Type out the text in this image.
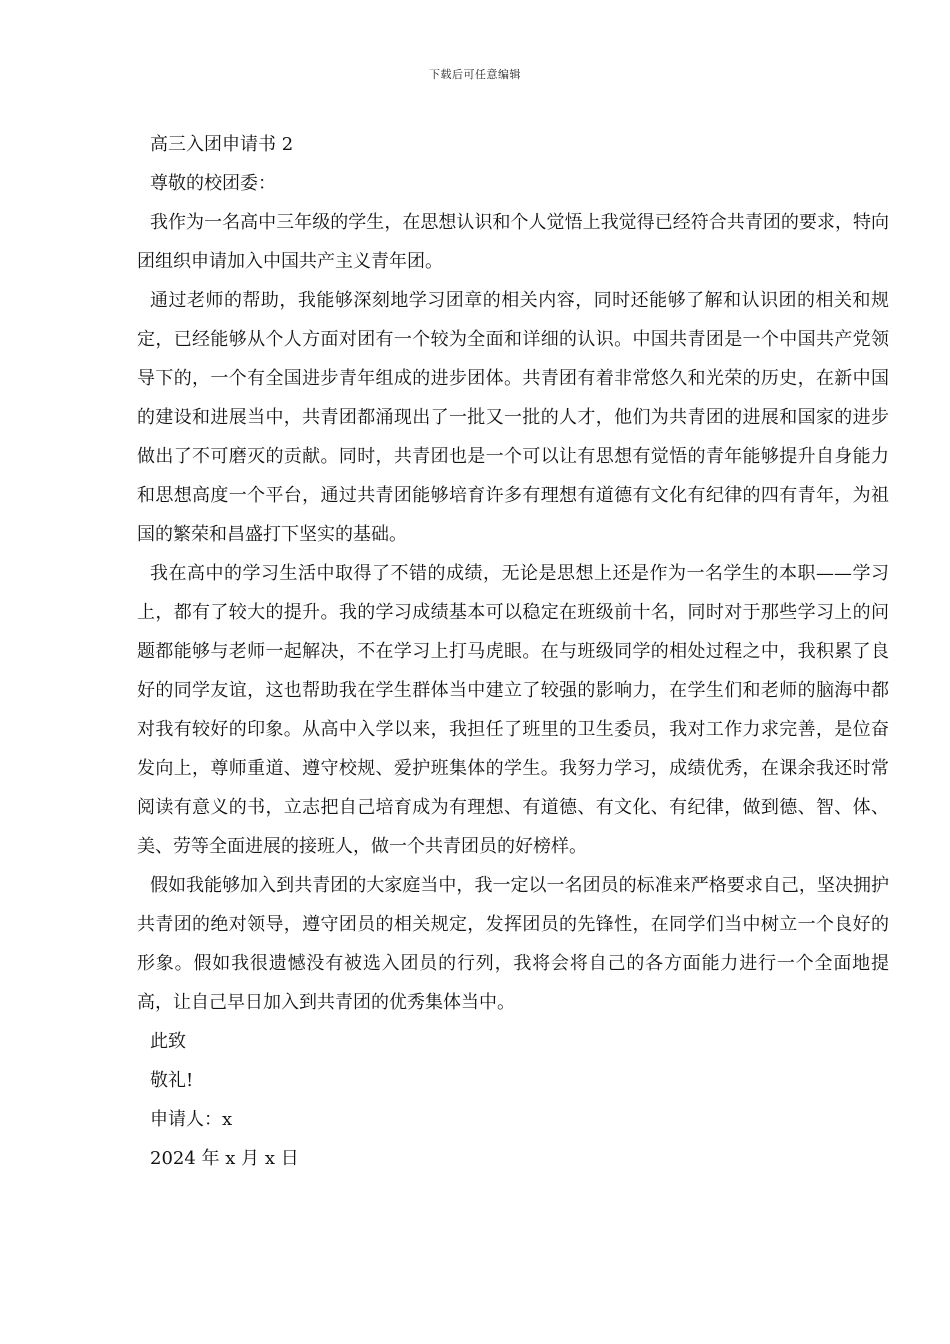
下载后可任意编辑

高三入团申请书 2

尊敬的校团委：

我作为一名高中三年级的学生，在思想认识和个人觉悟上我觉得已经符合共青团的要求，特向团组织申请加入中国共产主义青年团。

通过老师的帮助，我能够深刻地学习团章的相关内容，同时还能够了解和认识团的相关和规定，已经能够从个人方面对团有一个较为全面和详细的认识。中国共青团是一个中国共产党领导下的，一个有全国进步青年组成的进步团体。共青团有着非常悠久和光荣的历史，在新中国的建设和进展当中，共青团都涌现出了一批又一批的人才，他们为共青团的进展和国家的进步做出了不可磨灭的贡献。同时，共青团也是一个可以让有思想有觉悟的青年能够提升自身能力和思想高度一个平台，通过共青团能够培育许多有理想有道德有文化有纪律的四有青年，为祖国的繁荣和昌盛打下坚实的基础。

我在高中的学习生活中取得了不错的成绩，无论是思想上还是作为一名学生的本职——学习上，都有了较大的提升。我的学习成绩基本可以稳定在班级前十名，同时对于那些学习上的问题都能够与老师一起解决，不在学习上打马虎眼。在与班级同学的相处过程之中，我积累了良好的同学友谊，这也帮助我在学生群体当中建立了较强的影响力，在学生们和老师的脑海中都对我有较好的印象。从高中入学以来，我担任了班里的卫生委员，我对工作力求完善，是位奋发向上，尊师重道、遵守校规、爱护班集体的学生。我努力学习，成绩优秀，在课余我还时常阅读有意义的书，立志把自己培育成为有理想、有道德、有文化、有纪律，做到德、智、体、美、劳等全面进展的接班人，做一个共青团员的好榜样。

假如我能够加入到共青团的大家庭当中，我一定以一名团员的标准来严格要求自己，坚决拥护共青团的绝对领导，遵守团员的相关规定，发挥团员的先锋性，在同学们当中树立一个良好的形象。假如我很遗憾没有被选入团员的行列，我将会将自己的各方面能力进行一个全面地提高，让自己早日加入到共青团的优秀集体当中。

此致

敬礼!

申请人：x

2024 年 x 月 x 日
